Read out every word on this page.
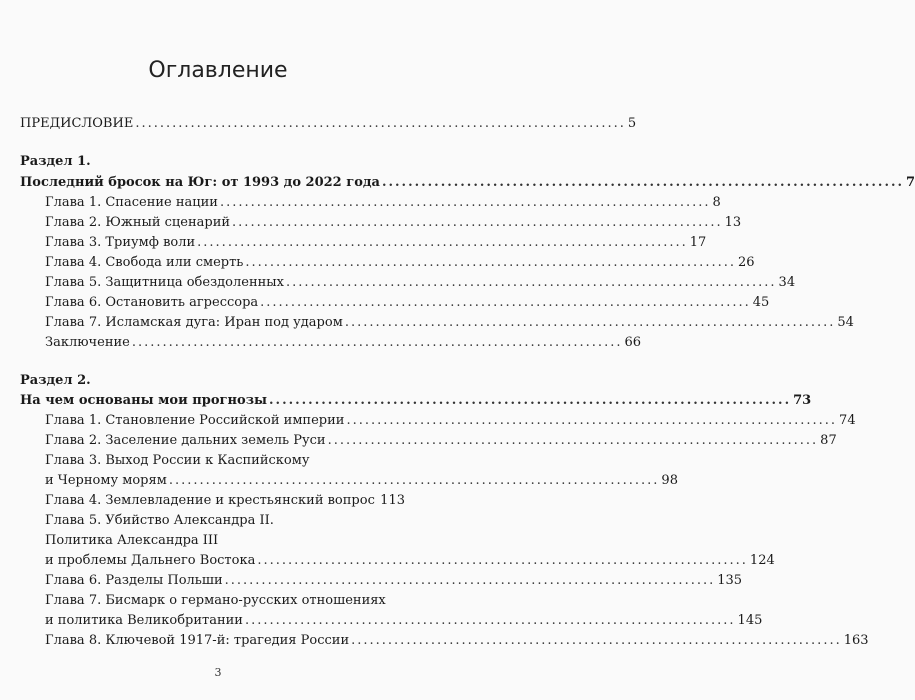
Оглавление
ПРЕДИСЛОВИЕ ................................................................................ 5
Раздел 1.
Последний бросок на Юг: от 1993 до 2022 года ................................................................................ 7
Глава 1. Спасение нации ................................................................................ 8
Глава 2. Южный сценарий ................................................................................ 13
Глава 3. Триумф воли ................................................................................ 17
Глава 4. Свобода или смерть ................................................................................ 26
Глава 5. Защитница обездоленных ................................................................................ 34
Глава 6. Остановить агрессора ................................................................................ 45
Глава 7. Исламская дуга: Иран под ударом ................................................................................ 54
Заключение ................................................................................ 66
Раздел 2.
На чем основаны мои прогнозы ................................................................................ 73
Глава 1. Становление Российской империи ................................................................................ 74
Глава 2. Заселение дальних земель Руси ................................................................................ 87
Глава 3. Выход России к Каспийскому
и Черному морям ................................................................................ 98
Глава 4. Землевладение и крестьянский вопрос 113
Глава 5. Убийство Александра II.
Политика Александра III
и проблемы Дальнего Востока ................................................................................ 124
Глава 6. Разделы Польши ................................................................................ 135
Глава 7. Бисмарк о германо-русских отношениях
и политика Великобритании ................................................................................ 145
Глава 8. Ключевой 1917-й: трагедия России ................................................................................ 163
3
